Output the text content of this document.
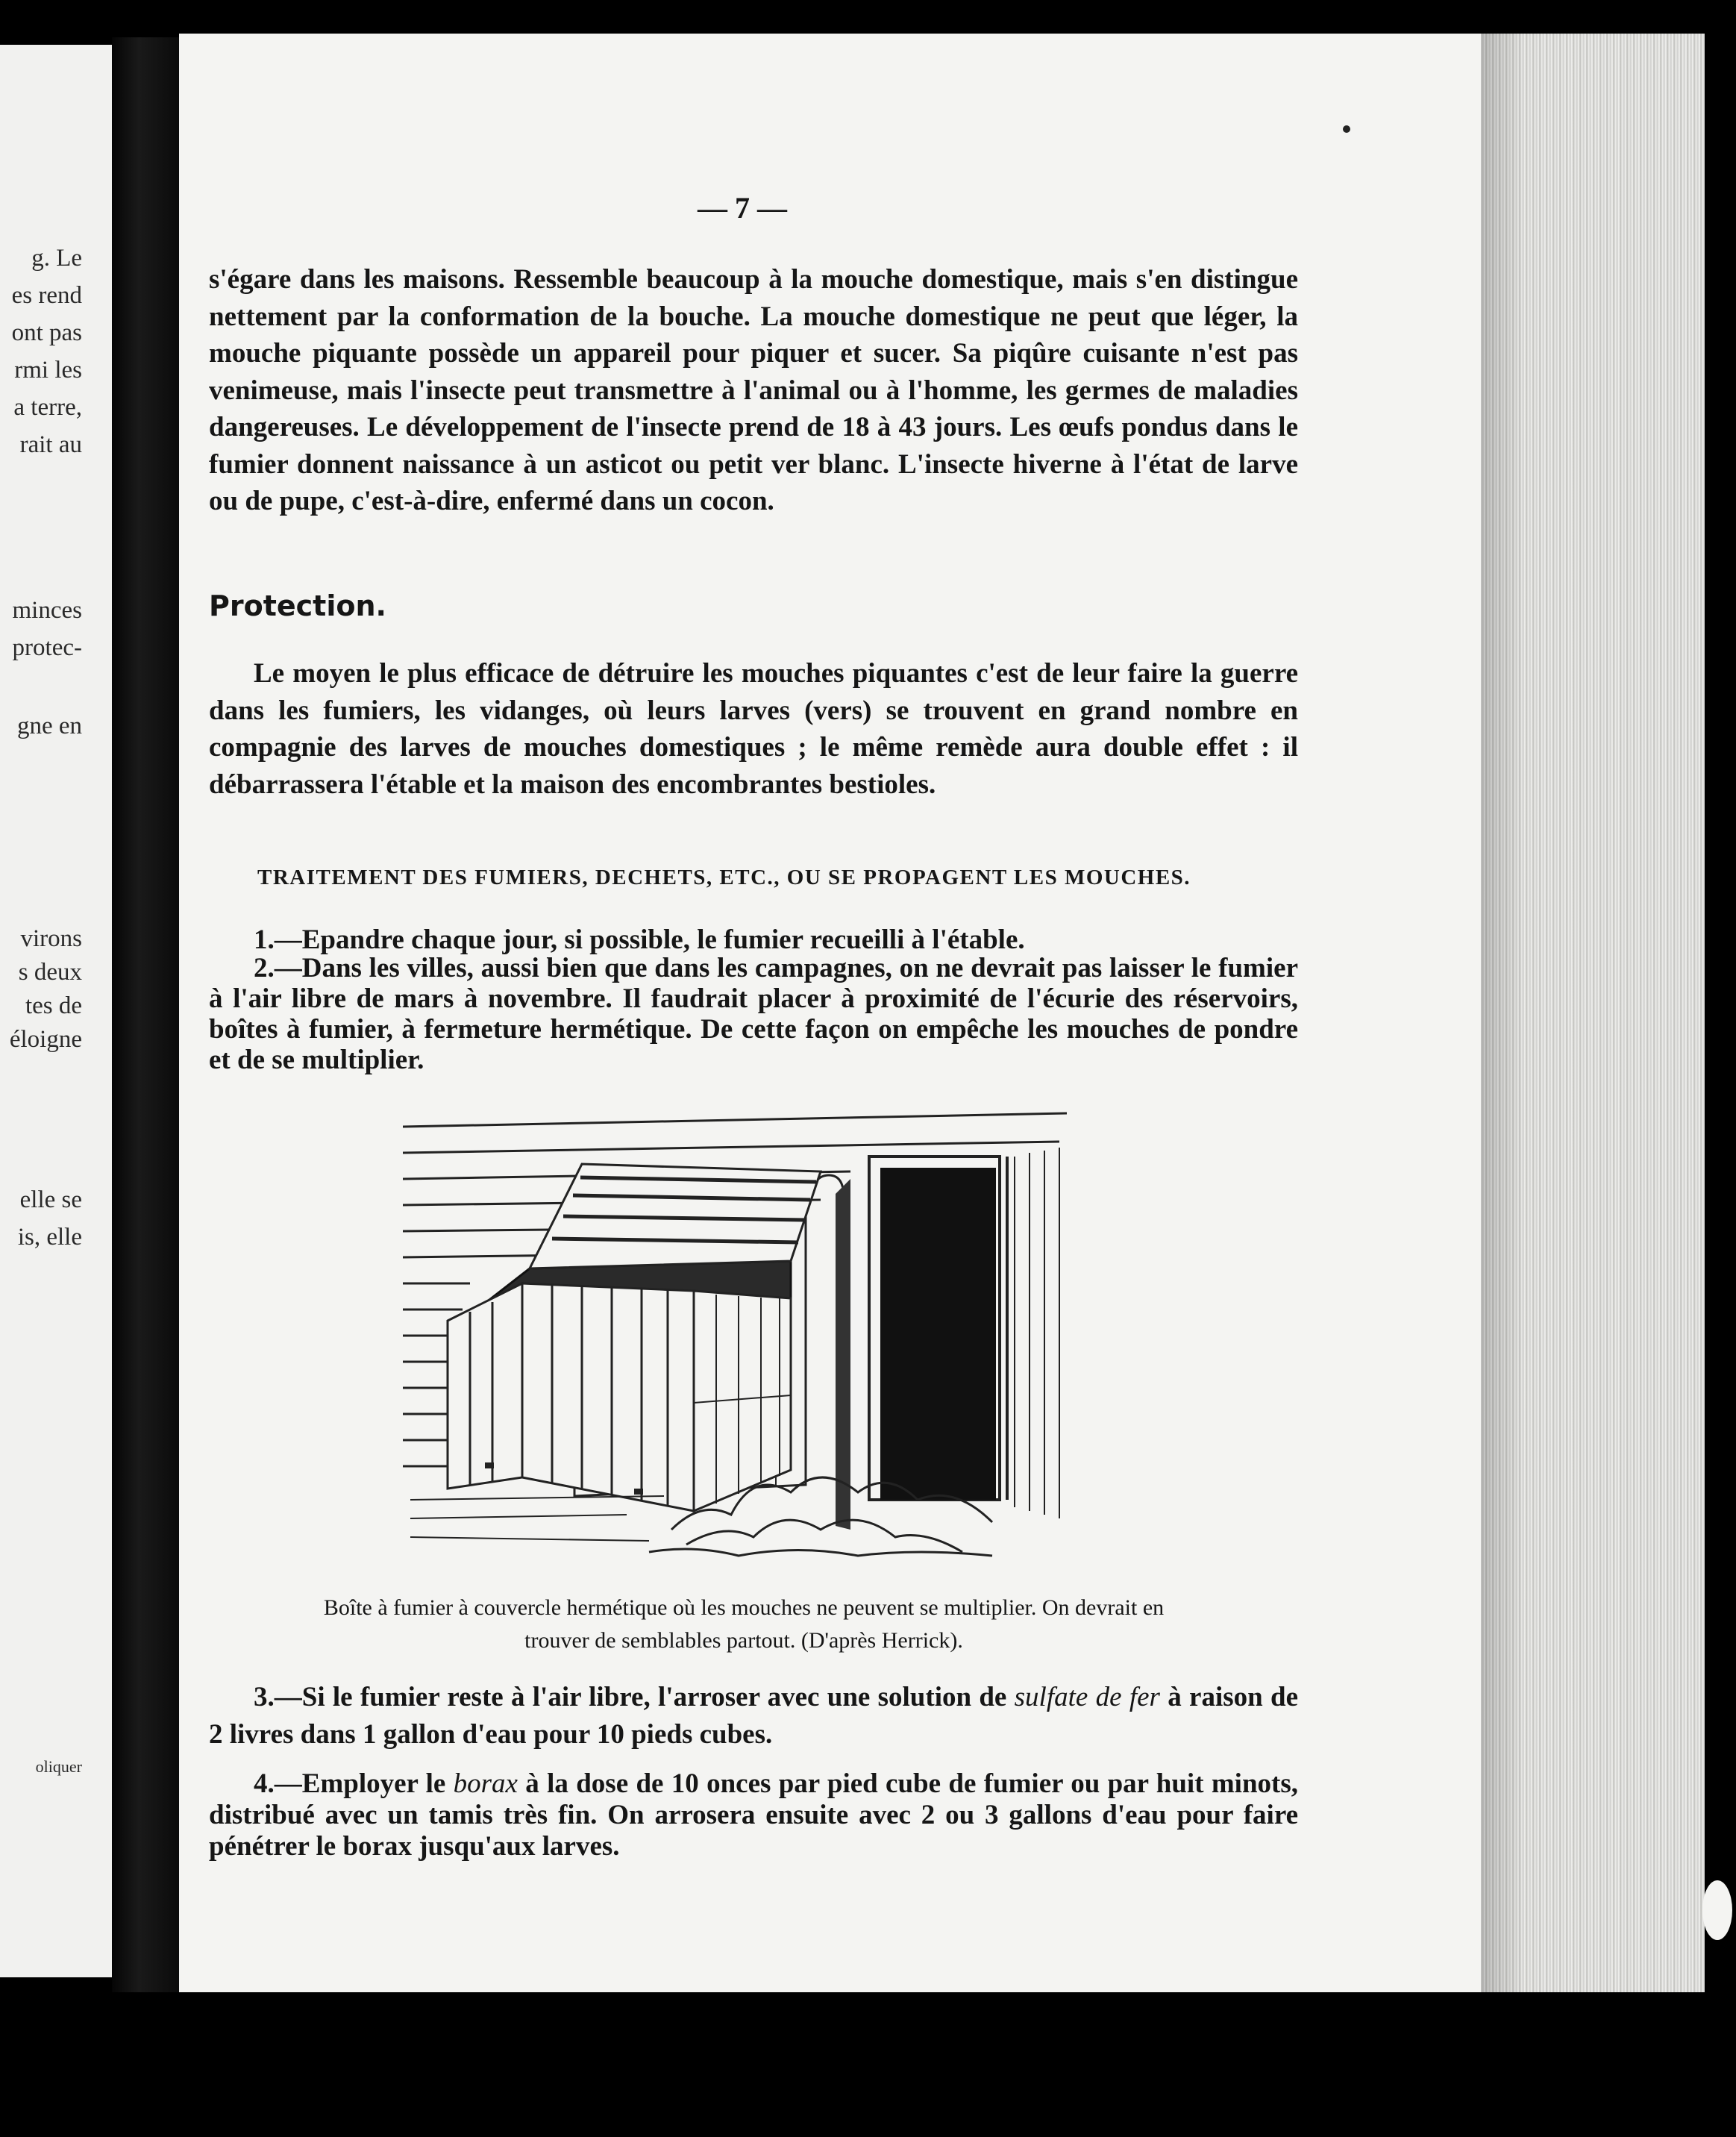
g. Le
es rend
ont pas
rmi les
a terre,
rait au
minces
protec-
gne en
virons
s deux
tes de
éloigne
elle se
is, elle
oliquer
— 7 —
s'égare dans les maisons. Ressemble beaucoup à la mouche domestique, mais s'en distingue nettement par la conformation de la bouche. La mouche domestique ne peut que léger, la mouche piquante possède un appareil pour piquer et sucer. Sa piqûre cuisante n'est pas venimeuse, mais l'insecte peut transmettre à l'animal ou à l'homme, les germes de maladies dangereuses. Le développement de l'insecte prend de 18 à 43 jours. Les œufs pondus dans le fumier donnent naissance à un asticot ou petit ver blanc. L'insecte hiverne à l'état de larve ou de pupe, c'est-à-dire, enfermé dans un cocon.
Protection.
Le moyen le plus efficace de détruire les mouches piquantes c'est de leur faire la guerre dans les fumiers, les vidanges, où leurs larves (vers) se trouvent en grand nombre en compagnie des larves de mouches domestiques ; le même remède aura double effet : il débarrassera l'étable et la maison des encombrantes bestioles.
TRAITEMENT DES FUMIERS, DECHETS, ETC., OU SE PROPAGENT LES MOUCHES.
1.—Epandre chaque jour, si possible, le fumier recueilli à l'étable.
2.—Dans les villes, aussi bien que dans les campagnes, on ne devrait pas laisser le fumier à l'air libre de mars à novembre. Il faudrait placer à proximité de l'écurie des réservoirs, boîtes à fumier, à fermeture hermétique. De cette façon on empêche les mouches de pondre et de se multiplier.
Boîte à fumier à couvercle hermétique où les mouches ne peuvent se multiplier. On devrait en
trouver de semblables partout. (D'après Herrick).
3.—Si le fumier reste à l'air libre, l'arroser avec une solution de sulfate de fer à raison de 2 livres dans 1 gallon d'eau pour 10 pieds cubes.
4.—Employer le borax à la dose de 10 onces par pied cube de fumier ou par huit minots, distribué avec un tamis très fin. On arrosera ensuite avec 2 ou 3 gallons d'eau pour faire pénétrer le borax jusqu'aux larves.
